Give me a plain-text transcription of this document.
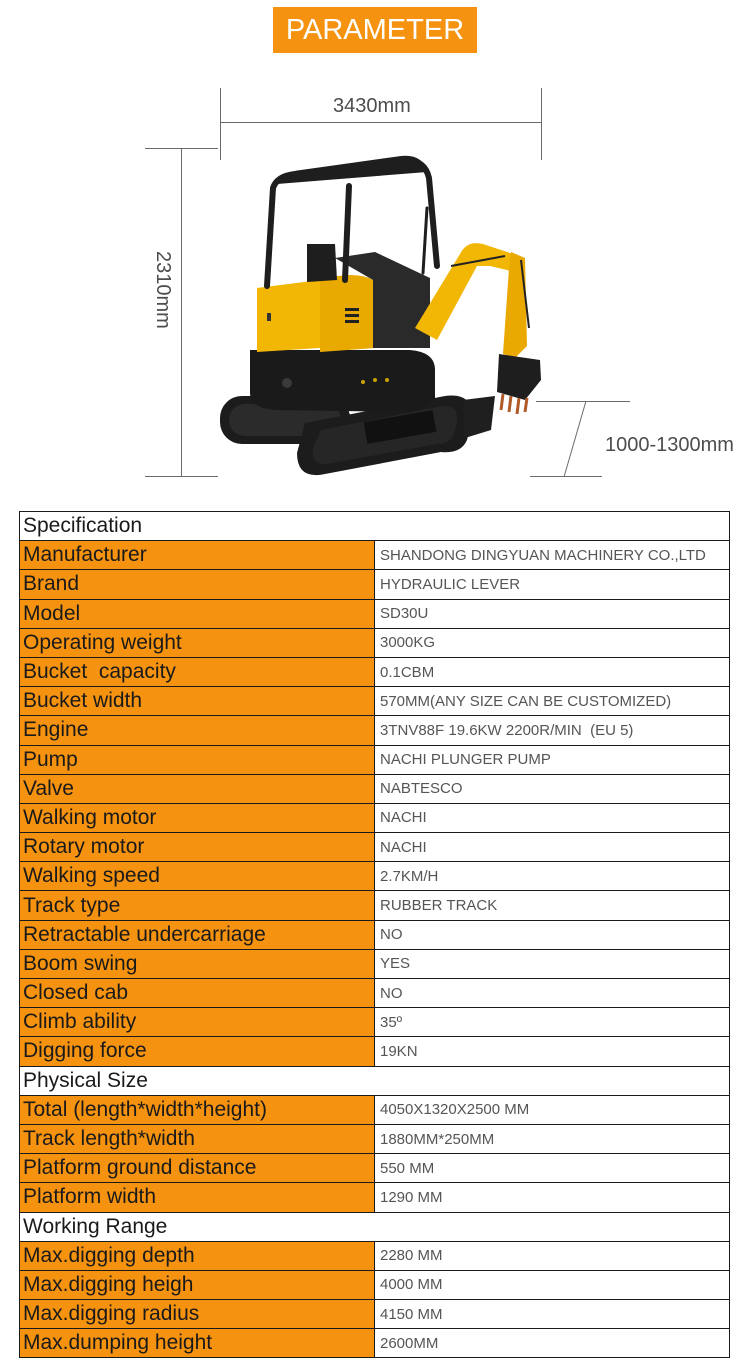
PARAMETER
3430mm
2310mm
1000-1300mm
Specification	
Manufacturer	SHANDONG DINGYUAN MACHINERY CO.,LTD
Brand	HYDRAULIC LEVER
Model	SD30U
Operating weight	3000KG
Bucket  capacity	0.1CBM
Bucket width	570MM(ANY SIZE CAN BE CUSTOMIZED)
Engine	3TNV88F 19.6KW 2200R/MIN  (EU 5)
Pump	NACHI PLUNGER PUMP
Valve	NABTESCO
Walking motor	NACHI
Rotary motor	NACHI
Walking speed	2.7KM/H
Track type	RUBBER TRACK
Retractable undercarriage	NO
Boom swing	YES
Closed cab	NO
Climb ability	35º
Digging force	19KN
Physical Size	
Total (length*width*height)	4050X1320X2500 MM
Track length*width	1880MM*250MM
Platform ground distance	550 MM
Platform width	1290 MM
Working Range	
Max.digging depth	2280 MM
Max.digging heigh	4000 MM
Max.digging radius	4150 MM
Max.dumping height	2600MM
